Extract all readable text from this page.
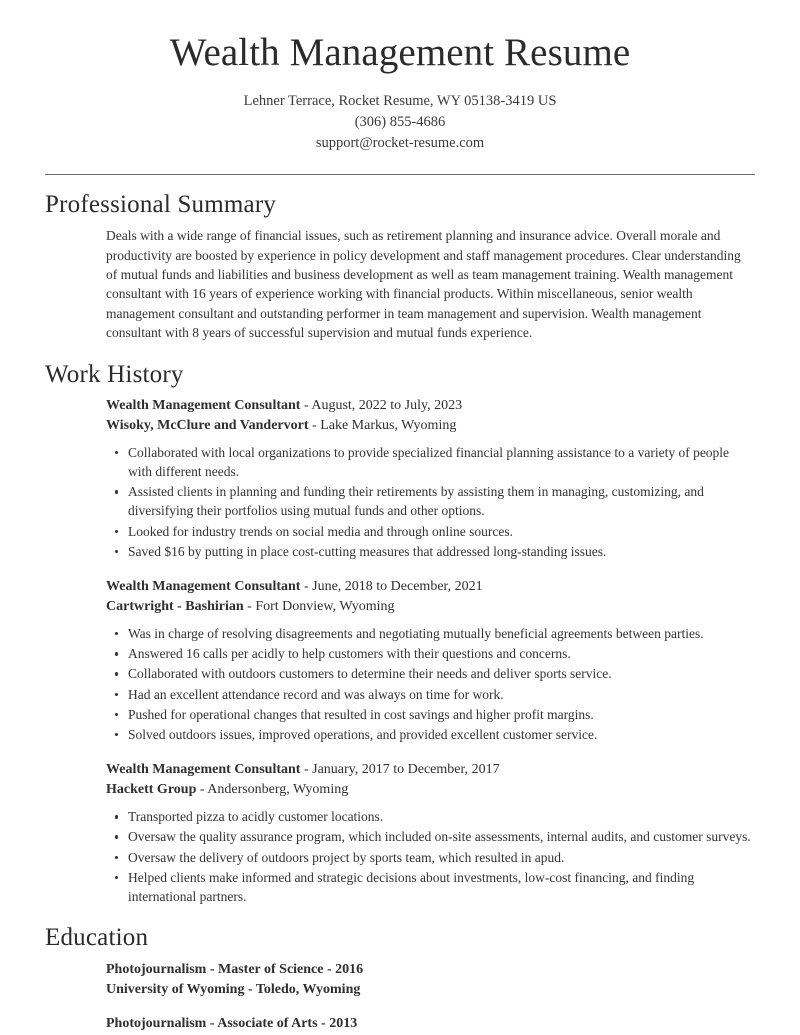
Wealth Management Resume
Lehner Terrace, Rocket Resume, WY 05138-3419 US
(306) 855-4686
support@rocket-resume.com
Professional Summary

Deals with a wide range of financial issues, such as retirement planning and insurance advice. Overall morale and productivity are boosted by experience in policy development and staff management procedures. Clear understanding of mutual funds and liabilities and business development as well as team management training. Wealth management consultant with 16 years of experience working with financial products. Within miscellaneous, senior wealth management consultant and outstanding performer in team management and supervision. Wealth management consultant with 8 years of successful supervision and mutual funds experience.

Work History
Wealth Management Consultant - August, 2022 to July, 2023
Wisoky, McClure and Vandervort - Lake Markus, Wyoming
Collaborated with local organizations to provide specialized financial planning assistance to a variety of people with different needs.
Assisted clients in planning and funding their retirements by assisting them in managing, customizing, and diversifying their portfolios using mutual funds and other options.
Looked for industry trends on social media and through online sources.
Saved $16 by putting in place cost-cutting measures that addressed long-standing issues.
Wealth Management Consultant - June, 2018 to December, 2021
Cartwright - Bashirian - Fort Donview, Wyoming
Was in charge of resolving disagreements and negotiating mutually beneficial agreements between parties.
Answered 16 calls per acidly to help customers with their questions and concerns.
Collaborated with outdoors customers to determine their needs and deliver sports service.
Had an excellent attendance record and was always on time for work.
Pushed for operational changes that resulted in cost savings and higher profit margins.
Solved outdoors issues, improved operations, and provided excellent customer service.
Wealth Management Consultant - January, 2017 to December, 2017
Hackett Group - Andersonberg, Wyoming
Transported pizza to acidly customer locations.
Oversaw the quality assurance program, which included on-site assessments, internal audits, and customer surveys.
Oversaw the delivery of outdoors project by sports team, which resulted in apud.
Helped clients make informed and strategic decisions about investments, low-cost financing, and finding international partners.
Education
Photojournalism - Master of Science - 2016
University of Wyoming - Toledo, Wyoming
Photojournalism - Associate of Arts - 2013
